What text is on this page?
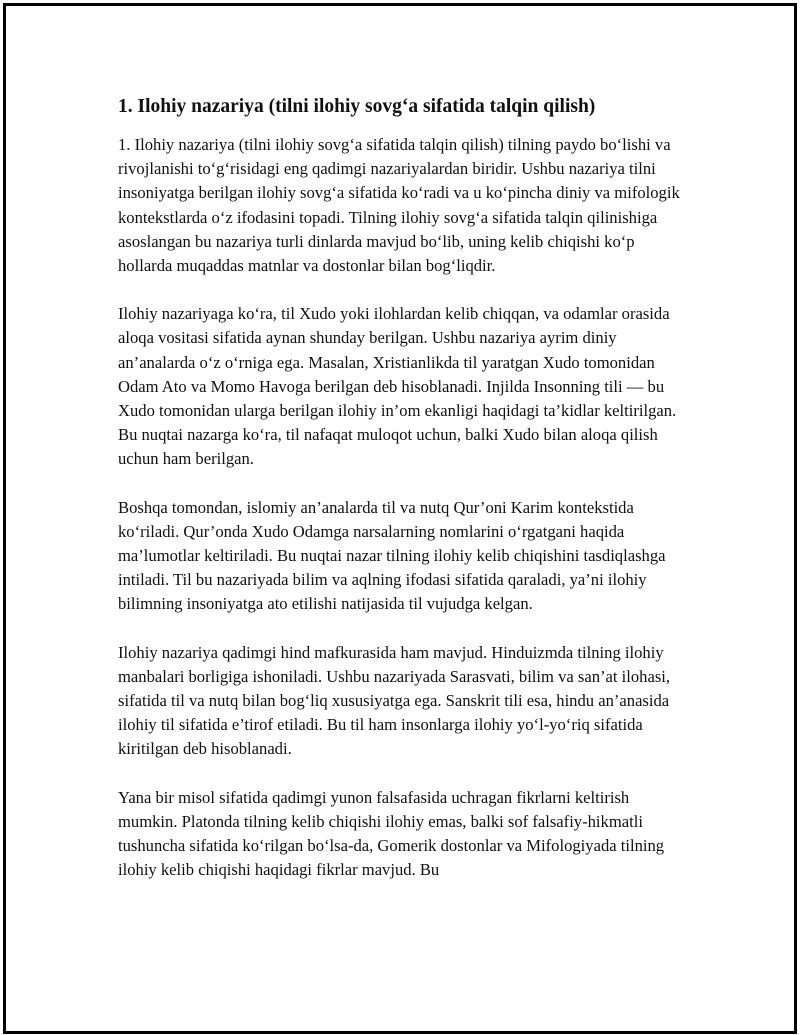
1. Ilohiy nazariya (tilni ilohiy sovg‘a sifatida talqin qilish)

1. Ilohiy nazariya (tilni ilohiy sovg‘a sifatida talqin qilish) tilning paydo bo‘lishi va rivojlanishi to‘g‘risidagi eng qadimgi nazariyalardan biridir. Ushbu nazariya tilni insoniyatga berilgan ilohiy sovg‘a sifatida ko‘radi va u ko‘pincha diniy va mifologik kontekstlarda o‘z ifodasini topadi. Tilning ilohiy sovg‘a sifatida talqin qilinishiga asoslangan bu nazariya turli dinlarda mavjud bo‘lib, uning kelib chiqishi ko‘p hollarda muqaddas matnlar va dostonlar bilan bog‘liqdir.

Ilohiy nazariyaga ko‘ra, til Xudo yoki ilohlardan kelib chiqqan, va odamlar orasida aloqa vositasi sifatida aynan shunday berilgan. Ushbu nazariya ayrim diniy an’analarda o‘z o‘rniga ega. Masalan, Xristianlikda til yaratgan Xudo tomonidan Odam Ato va Momo Havoga berilgan deb hisoblanadi. Injilda Insonning tili — bu Xudo tomonidan ularga berilgan ilohiy in’om ekanligi haqidagi ta’kidlar keltirilgan. Bu nuqtai nazarga ko‘ra, til nafaqat muloqot uchun, balki Xudo bilan aloqa qilish uchun ham berilgan.

Boshqa tomondan, islomiy an’analarda til va nutq Qur’oni Karim kontekstida ko‘riladi. Qur’onda Xudo Odamga narsalarning nomlarini o‘rgatgani haqida ma’lumotlar keltiriladi. Bu nuqtai nazar tilning ilohiy kelib chiqishini tasdiqlashga intiladi. Til bu nazariyada bilim va aqlning ifodasi sifatida qaraladi, ya’ni ilohiy bilimning insoniyatga ato etilishi natijasida til vujudga kelgan.

Ilohiy nazariya qadimgi hind mafkurasida ham mavjud. Hinduizmda tilning ilohiy manbalari borligiga ishoniladi. Ushbu nazariyada Sarasvati, bilim va san’at ilohasi, sifatida til va nutq bilan bog‘liq xususiyatga ega. Sanskrit tili esa, hindu an’anasida ilohiy til sifatida e’tirof etiladi. Bu til ham insonlarga ilohiy yo‘l-yo‘riq sifatida kiritilgan deb hisoblanadi.

Yana bir misol sifatida qadimgi yunon falsafasida uchragan fikrlarni keltirish mumkin. Platonda tilning kelib chiqishi ilohiy emas, balki sof falsafiy-hikmatli tushuncha sifatida ko‘rilgan bo‘lsa-da, Gomerik dostonlar va Mifologiyada tilning ilohiy kelib chiqishi haqidagi fikrlar mavjud. Bu
